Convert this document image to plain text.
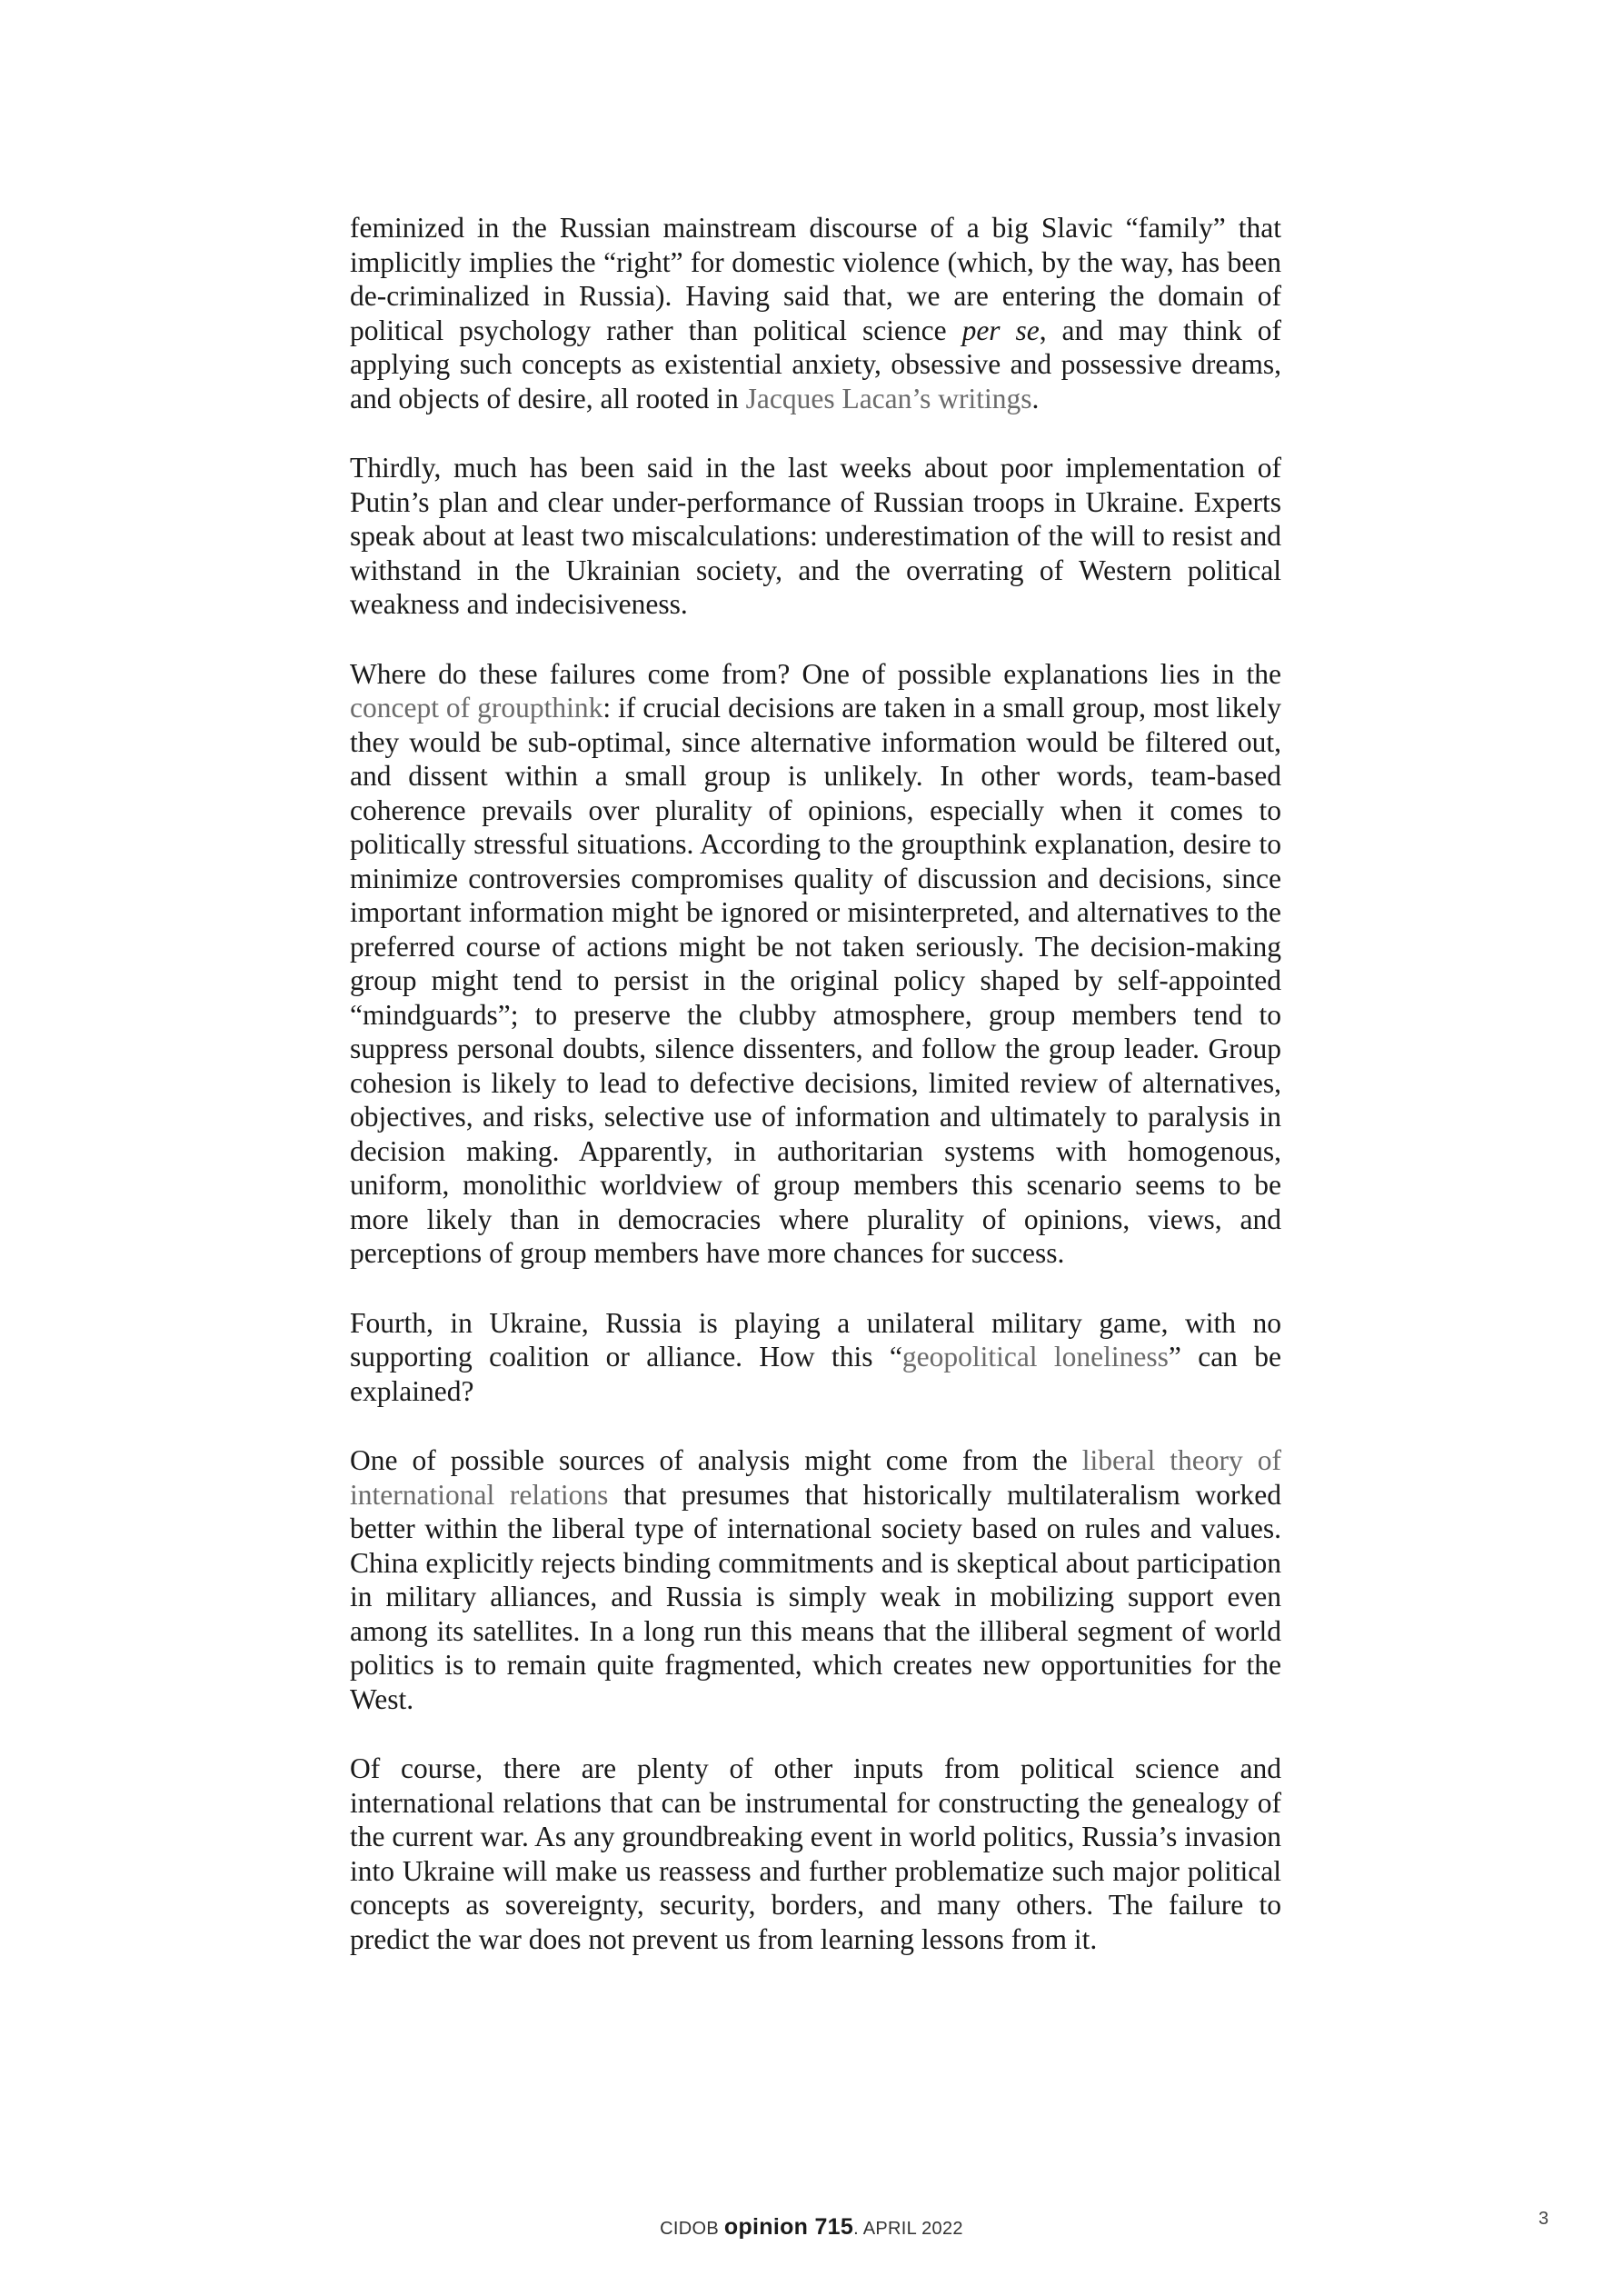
feminized in the Russian mainstream discourse of a big Slavic “family” that implicitly implies the “right” for domestic violence (which, by the way, has been de-criminalized in Russia). Having said that, we are entering the domain of political psychology rather than political science per se, and may think of applying such concepts as existential anxiety, obsessive and possessive dreams, and objects of desire, all rooted in Jacques Lacan’s writings.

Thirdly, much has been said in the last weeks about poor implementation of Putin’s plan and clear under-performance of Russian troops in Ukraine. Experts speak about at least two miscalculations: underestimation of the will to resist and withstand in the Ukrainian society, and the overrating of Western political weakness and indecisiveness.

Where do these failures come from? One of possible explanations lies in the concept of groupthink: if crucial decisions are taken in a small group, most likely they would be sub-optimal, since alternative information would be filtered out, and dissent within a small group is unlikely. In other words, team-based coherence prevails over plurality of opinions, especially when it comes to politically stressful situations. According to the groupthink explanation, desire to minimize controversies compromises quality of discussion and decisions, since important information might be ignored or misinterpreted, and alternatives to the preferred course of actions might be not taken seriously. The decision-making group might tend to persist in the original policy shaped by self-appointed “mindguards”; to preserve the clubby atmosphere, group members tend to suppress personal doubts, silence dissenters, and follow the group leader. Group cohesion is likely to lead to defective decisions, limited review of alternatives, objectives, and risks, selective use of information and ultimately to paralysis in decision making. Apparently, in authoritarian systems with homogenous, uniform, monolithic worldview of group members this scenario seems to be more likely than in democracies where plurality of opinions, views, and perceptions of group members have more chances for success.

Fourth, in Ukraine, Russia is playing a unilateral military game, with no supporting coalition or alliance. How this “geopolitical loneliness” can be explained?

One of possible sources of analysis might come from the liberal theory of international relations that presumes that historically multilateralism worked better within the liberal type of international society based on rules and values. China explicitly rejects binding commitments and is skeptical about participation in military alliances, and Russia is simply weak in mobilizing support even among its satellites. In a long run this means that the illiberal segment of world politics is to remain quite fragmented, which creates new opportunities for the West.

Of course, there are plenty of other inputs from political science and international relations that can be instrumental for constructing the genealogy of the current war. As any groundbreaking event in world politics, Russia’s invasion into Ukraine will make us reassess and further problematize such major political concepts as sovereignty, security, borders, and many others. The failure to predict the war does not prevent us from learning lessons from it.

CIDOB opinion 715. APRIL 2022	3
